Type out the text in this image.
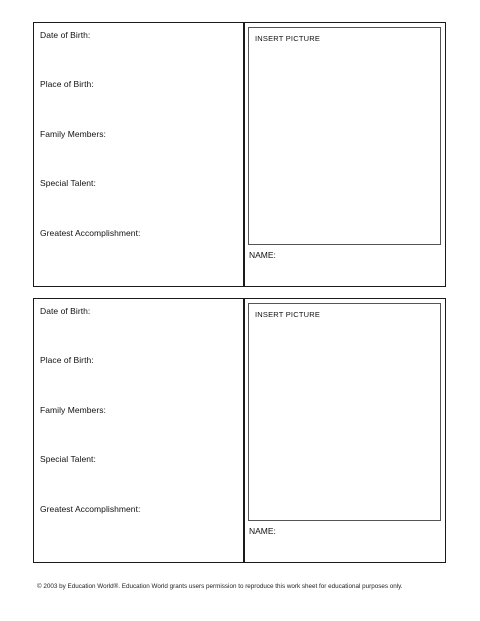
Date of Birth:
Place of Birth:
Family Members:
Special Talent:
Greatest Accomplishment:
INSERT PICTURE
NAME:
Date of Birth:
Place of Birth:
Family Members:
Special Talent:
Greatest Accomplishment:
INSERT PICTURE
NAME:
© 2003 by Education World®. Education World grants users permission to reproduce this work sheet for educational purposes only.
